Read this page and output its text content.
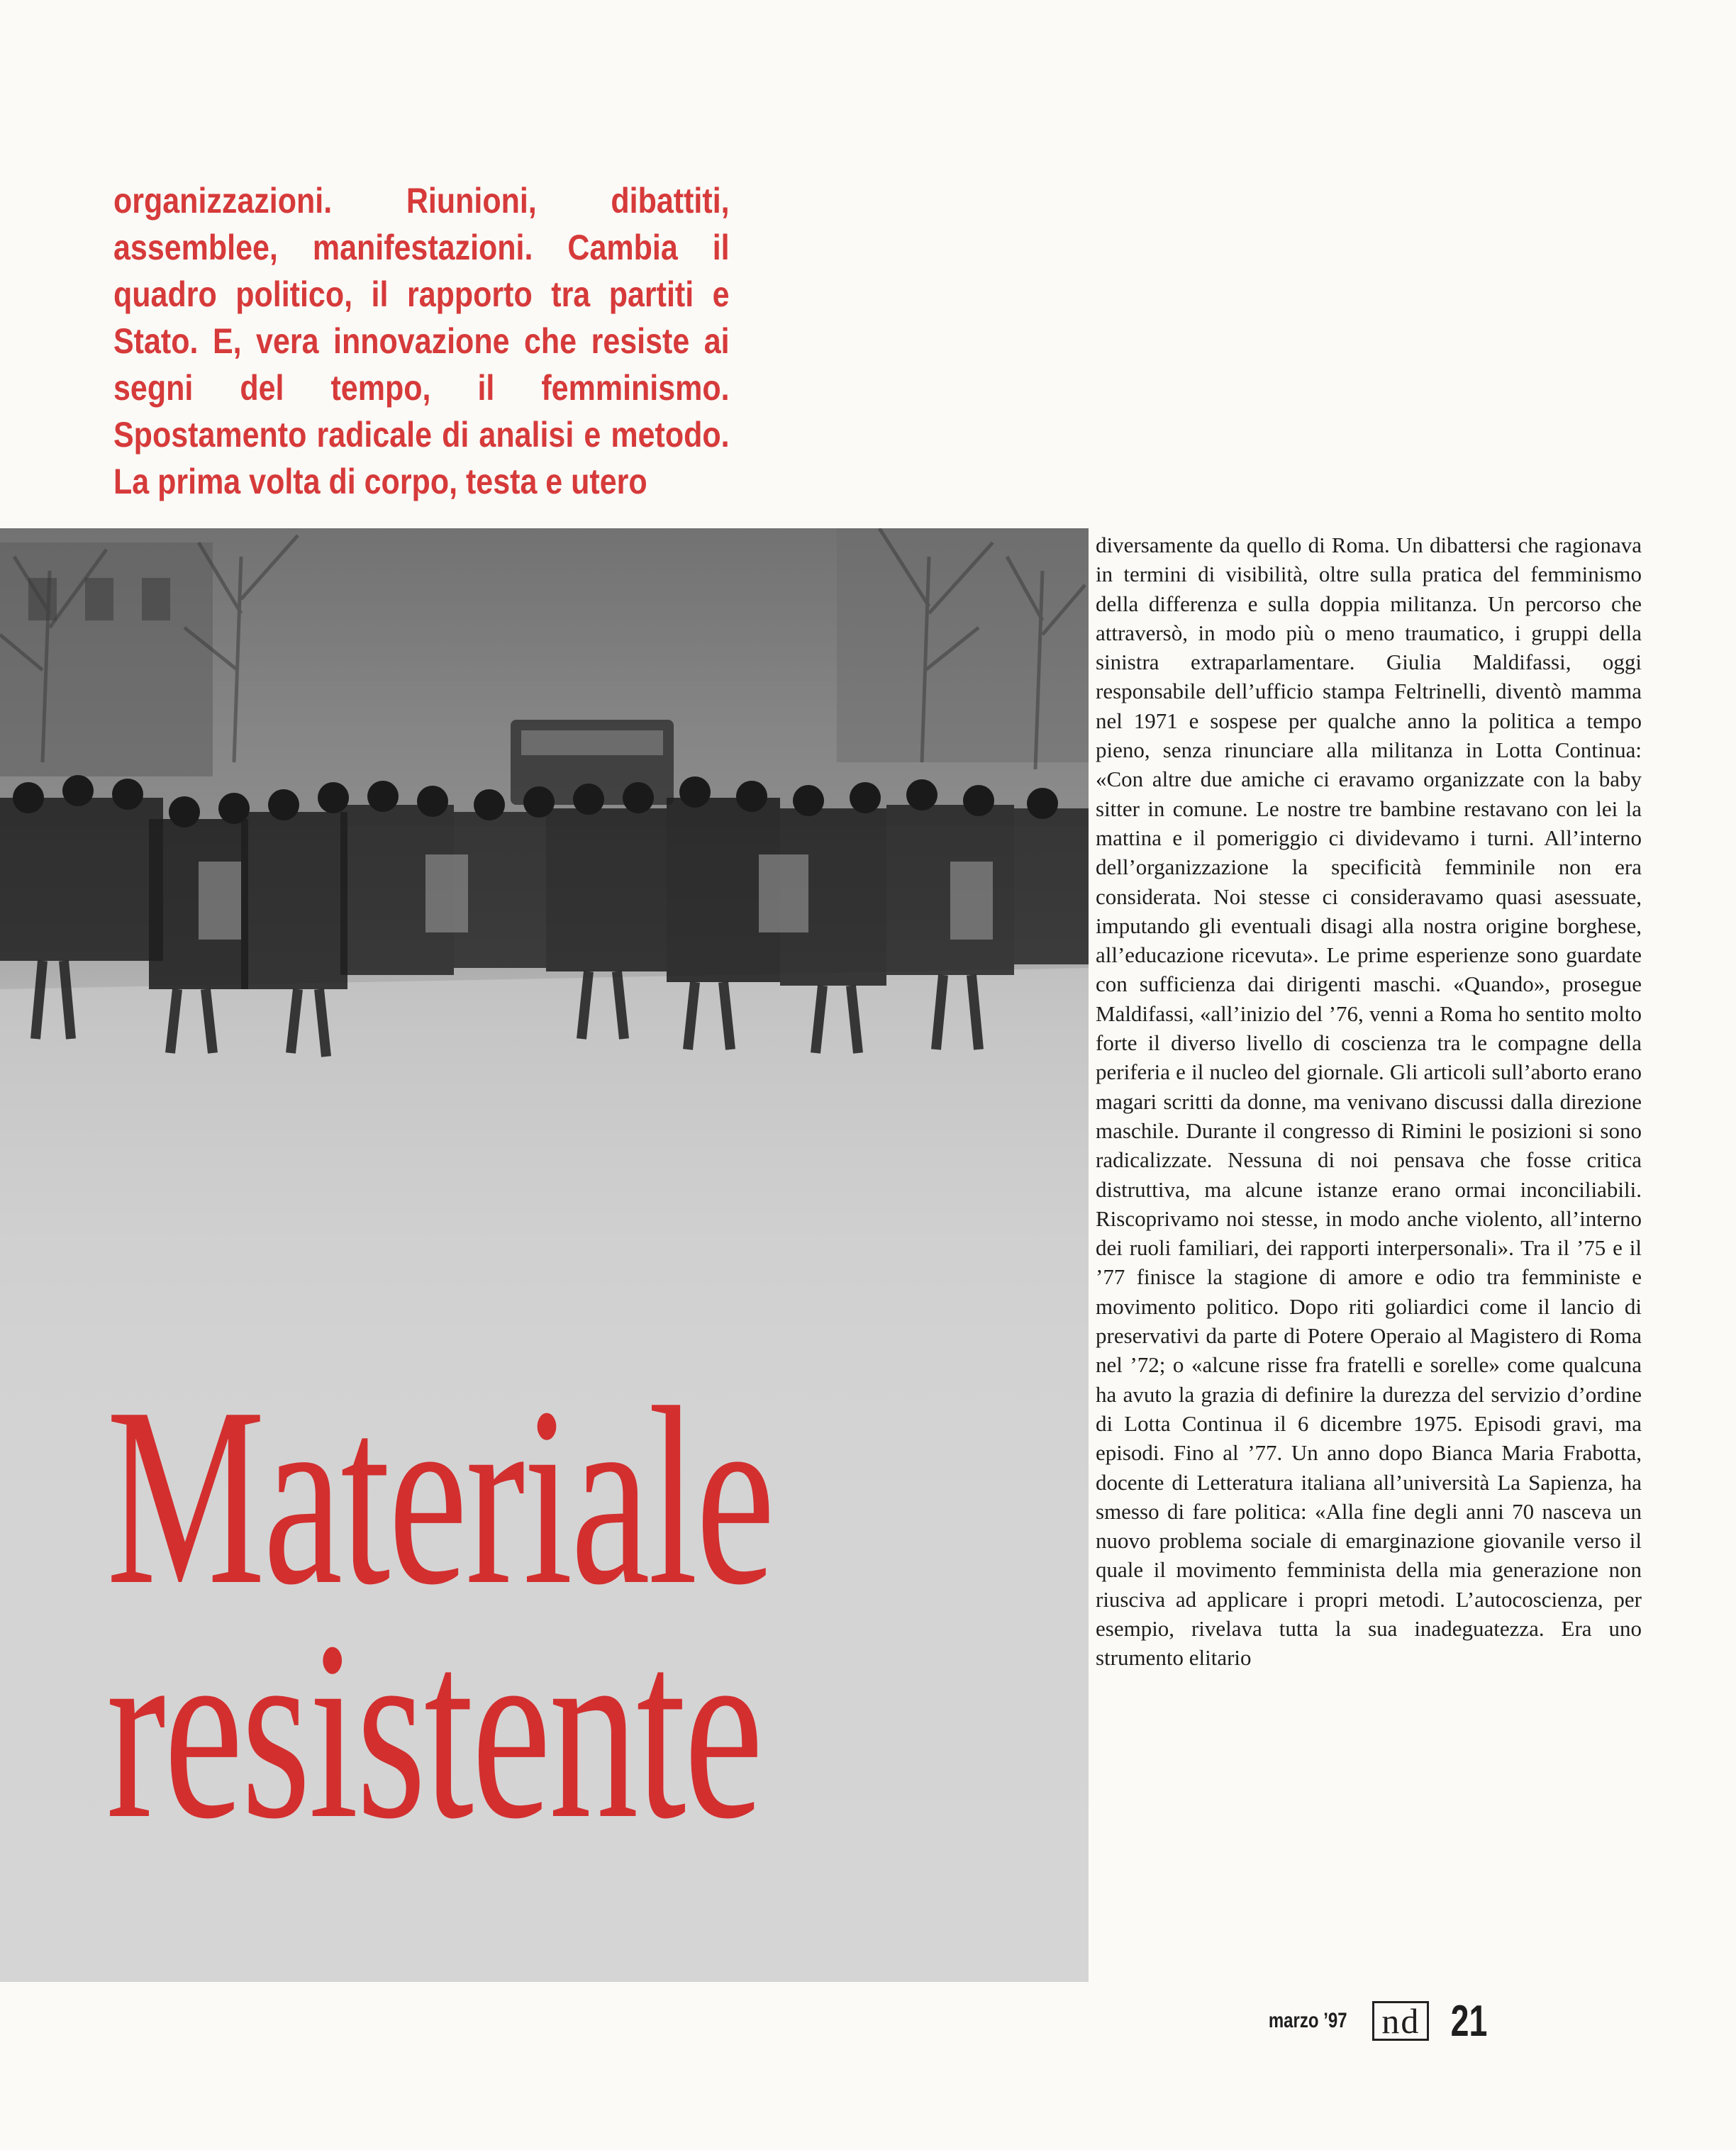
organizzazioni. Riunioni, dibattiti, assemblee, manifestazioni. Cambia il quadro politico, il rapporto tra partiti e Stato. E, vera innovazione che resiste ai segni del tempo, il femminismo. Spostamento radicale di analisi e metodo. La prima volta di corpo, testa e utero
Materiale
resistente

diversamente da quello di Roma. Un dibattersi che ragionava in termini di visibilità, oltre sulla pratica del femminismo della differenza e sulla doppia militanza. Un percorso che attraversò, in modo più o meno traumatico, i gruppi della sinistra extraparlamentare. Giulia Maldifassi, oggi responsabile dell’ufficio stampa Feltrinelli, diventò mamma nel 1971 e sospese per qualche anno la politica a tempo pieno, senza rinunciare alla militanza in Lotta Continua: «Con altre due amiche ci eravamo organizzate con la baby sitter in comune. Le nostre tre bambine restavano con lei la mattina e il pomeriggio ci dividevamo i turni. All’interno dell’organizzazione la specificità femminile non era considerata. Noi stesse ci consideravamo quasi asessuate, imputando gli eventuali disagi alla nostra origine borghese, all’educazione ricevuta». Le prime esperienze sono guardate con sufficienza dai dirigenti maschi. «Quando», prosegue Maldifassi, «all’inizio del ’76, venni a Roma ho sentito molto forte il diverso livello di coscienza tra le compagne della periferia e il nucleo del giornale. Gli articoli sull’aborto erano magari scritti da donne, ma venivano discussi dalla direzione maschile. Durante il congresso di Rimini le posizioni si sono radicalizzate. Nessuna di noi pensava che fosse critica distruttiva, ma alcune istanze erano ormai inconciliabili. Riscoprivamo noi stesse, in modo anche violento, all’interno dei ruoli familiari, dei rapporti interpersonali». Tra il ’75 e il ’77 finisce la stagione di amore e odio tra femministe e movimento politico. Dopo riti goliardici come il lancio di preservativi da parte di Potere Operaio al Magistero di Roma nel ’72; o «alcune risse fra fratelli e sorelle» come qualcuna ha avuto la grazia di definire la durezza del servizio d’ordine di Lotta Continua il 6 dicembre 1975. Episodi gravi, ma episodi. Fino al ’77. Un anno dopo Bianca Maria Frabotta, docente di Letteratura italiana all’università La Sapienza, ha smesso di fare politica: «Alla fine degli anni 70 nasceva un nuovo problema sociale di emarginazione giovanile verso il quale il movimento femminista della mia generazione non riusciva ad applicare i propri metodi. L’autocoscienza, per esempio, rivelava tutta la sua inadeguatezza. Era uno strumento elitario

marzo ’97 nd 21
